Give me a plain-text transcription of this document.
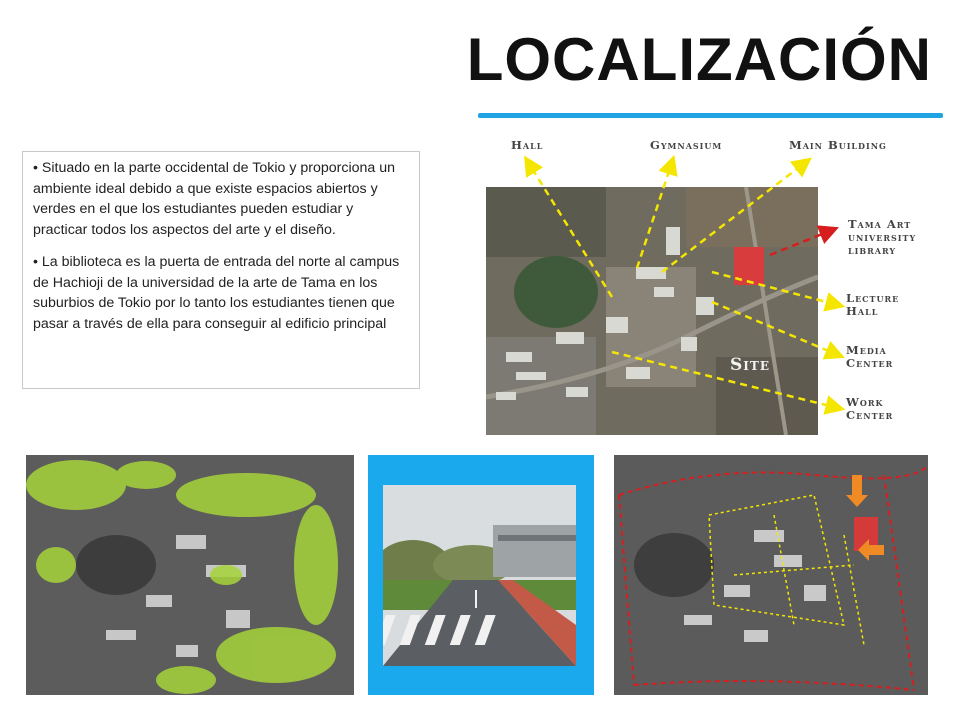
LOCALIZACIÓN

• Situado en la parte occidental de Tokio y proporciona un ambiente ideal debido a que existe espacios abiertos y verdes en el que los estudiantes pueden estudiar y practicar todos los aspectos del arte y el diseño.

• La biblioteca es la puerta de entrada del norte al campus de Hachioji de la universidad de la arte de Tama en los suburbios de Tokio por lo tanto los estudiantes tienen que pasar a través de ella para conseguir al edificio principal

Hall	Gymnasium	Main Building
Tama Art
university
library
Lecture
Hall
Media
Center
Work
Center
Site
